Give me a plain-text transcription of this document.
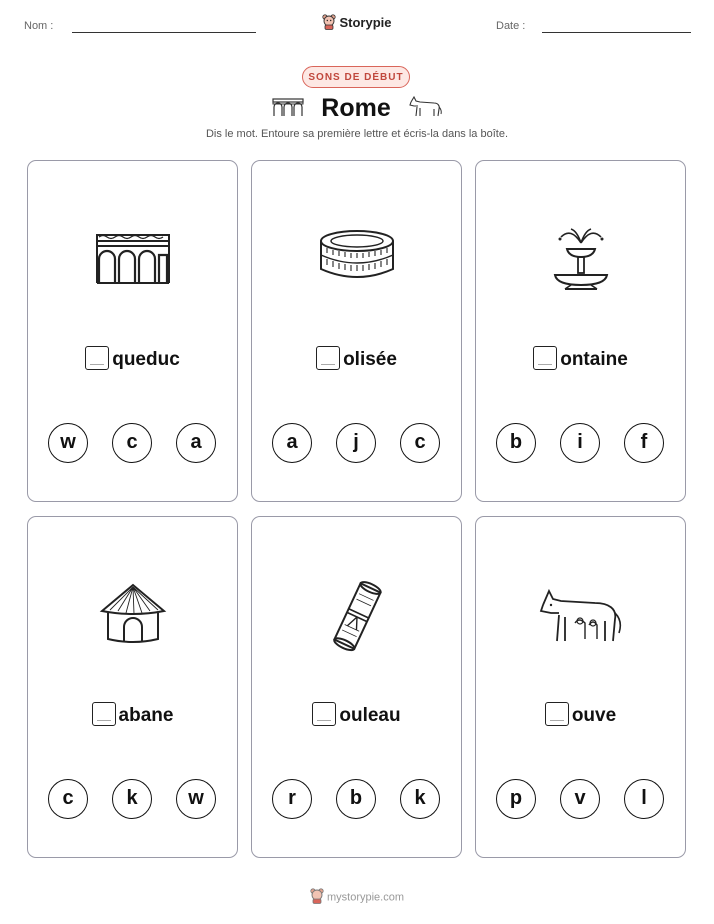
Nom :	Storypie	Date :
SONS DE DÉBUT
Rome
Dis le mot. Entoure sa première lettre et écris-la dans la boîte.
queduc
w	c	a
olisée
a	j	c
ontaine
b	i	f
abane
c	k	w
ouleau
r	b	k
ouve
p	v	l
mystorypie.com
